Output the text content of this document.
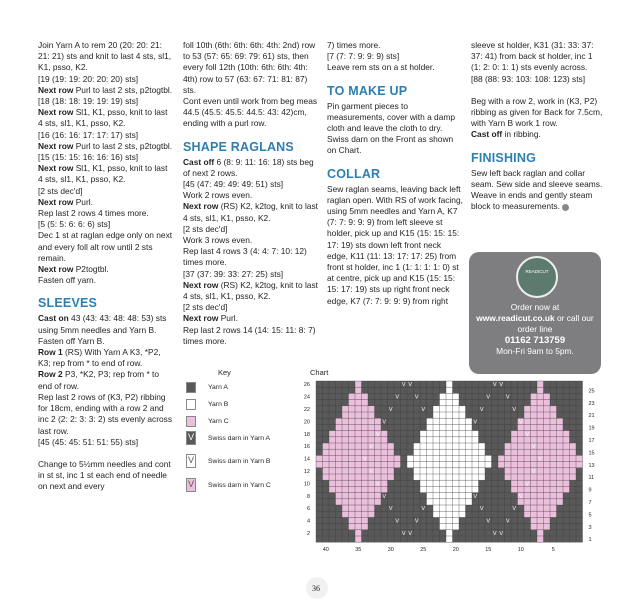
Join Yarn A to rem 20 (20: 20: 21: 21: 21) sts and knit to last 4 sts, sl1, K1, psso, K2.

[19 (19: 19: 20: 20: 20) sts]

Next row Purl to last 2 sts, p2togtbl.

[18 (18: 18: 19: 19: 19) sts]

Next row Sl1, K1, psso, knit to last 4 sts, sl1, K1, psso, K2.

[16 (16: 16: 17: 17: 17) sts]

Next row Purl to last 2 sts, p2togtbl.

[15 (15: 15: 16: 16: 16) sts]

Next row Sl1, K1, psso, knit to last 4 sts, sl1, K1, psso, K2.

[2 sts dec'd]

Next row Purl.

Rep last 2 rows 4 times more.

[5 (5: 5: 6: 6: 6) sts]

Dec 1 st at raglan edge only on next and every foll alt row until 2 sts remain.

Next row P2togtbl.

Fasten off yarn.

SLEEVES

Cast on 43 (43: 43: 48: 48: 53) sts using 5mm needles and Yarn B.

Fasten off Yarn B.

Row 1 (RS) With Yarn A K3, *P2, K3; rep from * to end of row.

Row 2 P3, *K2, P3; rep from * to end of row.

Rep last 2 rows of (K3, P2) ribbing for 18cm, ending with a row 2 and inc 2 (2: 2: 3: 3: 2) sts evenly across last row.

[45 (45: 45: 51: 51: 55) sts]

Change to 5½mm needles and cont in st st, inc 1 st each end of needle on next and every

foll 10th (6th: 6th: 6th: 4th: 2nd) row to 53 (57: 65: 69: 79: 61) sts, then every foll 12th (10th: 6th: 6th: 4th: 4th) row to 57 (63: 67: 71: 81: 87) sts.

Cont even until work from beg meas 44.5 (45.5: 45.5: 44.5: 43: 42)cm, ending with a purl row.

SHAPE RAGLANS

Cast off 6 (8: 9: 11: 16: 18) sts beg of next 2 rows.

[45 (47: 49: 49: 49: 51) sts]

Work 2 rows even.

Next row (RS) K2, k2tog, knit to last 4 sts, sl1, K1, psso, K2.

[2 sts dec'd]

Work 3 rows even.

Rep last 4 rows 3 (4: 4: 7: 10: 12) times more.

[37 (37: 39: 33: 27: 25) sts]

Next row (RS) K2, k2tog, knit to last 4 sts, sl1, K1, psso, K2.

[2 sts dec'd]

Next row Purl.

Rep last 2 rows 14 (14: 15: 11: 8: 7) times more.

7) times more.

[7 (7: 7: 9: 9: 9) sts]

Leave rem sts on a st holder.

TO MAKE UP

Pin garment pieces to measurements, cover with a damp cloth and leave the cloth to dry. Swiss darn on the Front as shown on Chart.

COLLAR

Sew raglan seams, leaving back left raglan open. With RS of work facing, using 5mm needles and Yarn A, K7 (7: 7: 9: 9: 9) from left sleeve st holder, pick up and K15 (15: 15: 15: 17: 19) sts down left front neck edge, K11 (11: 13: 17: 17: 25) from front st holder, inc 1 (1: 1: 1: 1: 0) st at centre, pick up and K15 (15: 15: 15: 17: 19) sts up right front neck edge, K7 (7: 7: 9: 9: 9) from right

sleeve st holder, K31 (31: 33: 37: 37: 41) from back st holder, inc 1 (1: 2: 0: 1: 1) sts evenly across.

[88 (88: 93: 103: 108: 123) sts]

Beg with a row 2, work in (K3, P2) ribbing as given for Back for 7.5cm, with Yarn B work 1 row.

Cast off in ribbing.

FINISHING

Sew left back raglan and collar seam. Sew side and sleeve seams. Weave in ends and gently steam block to measurements.

READICUT
Order now at
www.readicut.co.uk or call our order line
01162 713759
Mon-Fri 9am to 5pm.
Key
Yarn A
Yarn B
Yarn C
V Swiss darn in Yarn A
V Swiss darn in Yarn B
V Swiss darn in Yarn C
Chart
V V
V	V
V	V
V	V
V	V
V	V
V	V
V	V
V	V
V	V
V	V
V	V
V V
V V
V	V
V	V
V	V
V	V
V	V
V	V
V	V
V	V
V	V
V	V
V	V
V V
2
4
6
8
10
12
14
16
18
20
22
24
26
1
3
5
7
9
11
13
15
17
19
21
23
25
40	35	30	25	20	15	10	5
36
